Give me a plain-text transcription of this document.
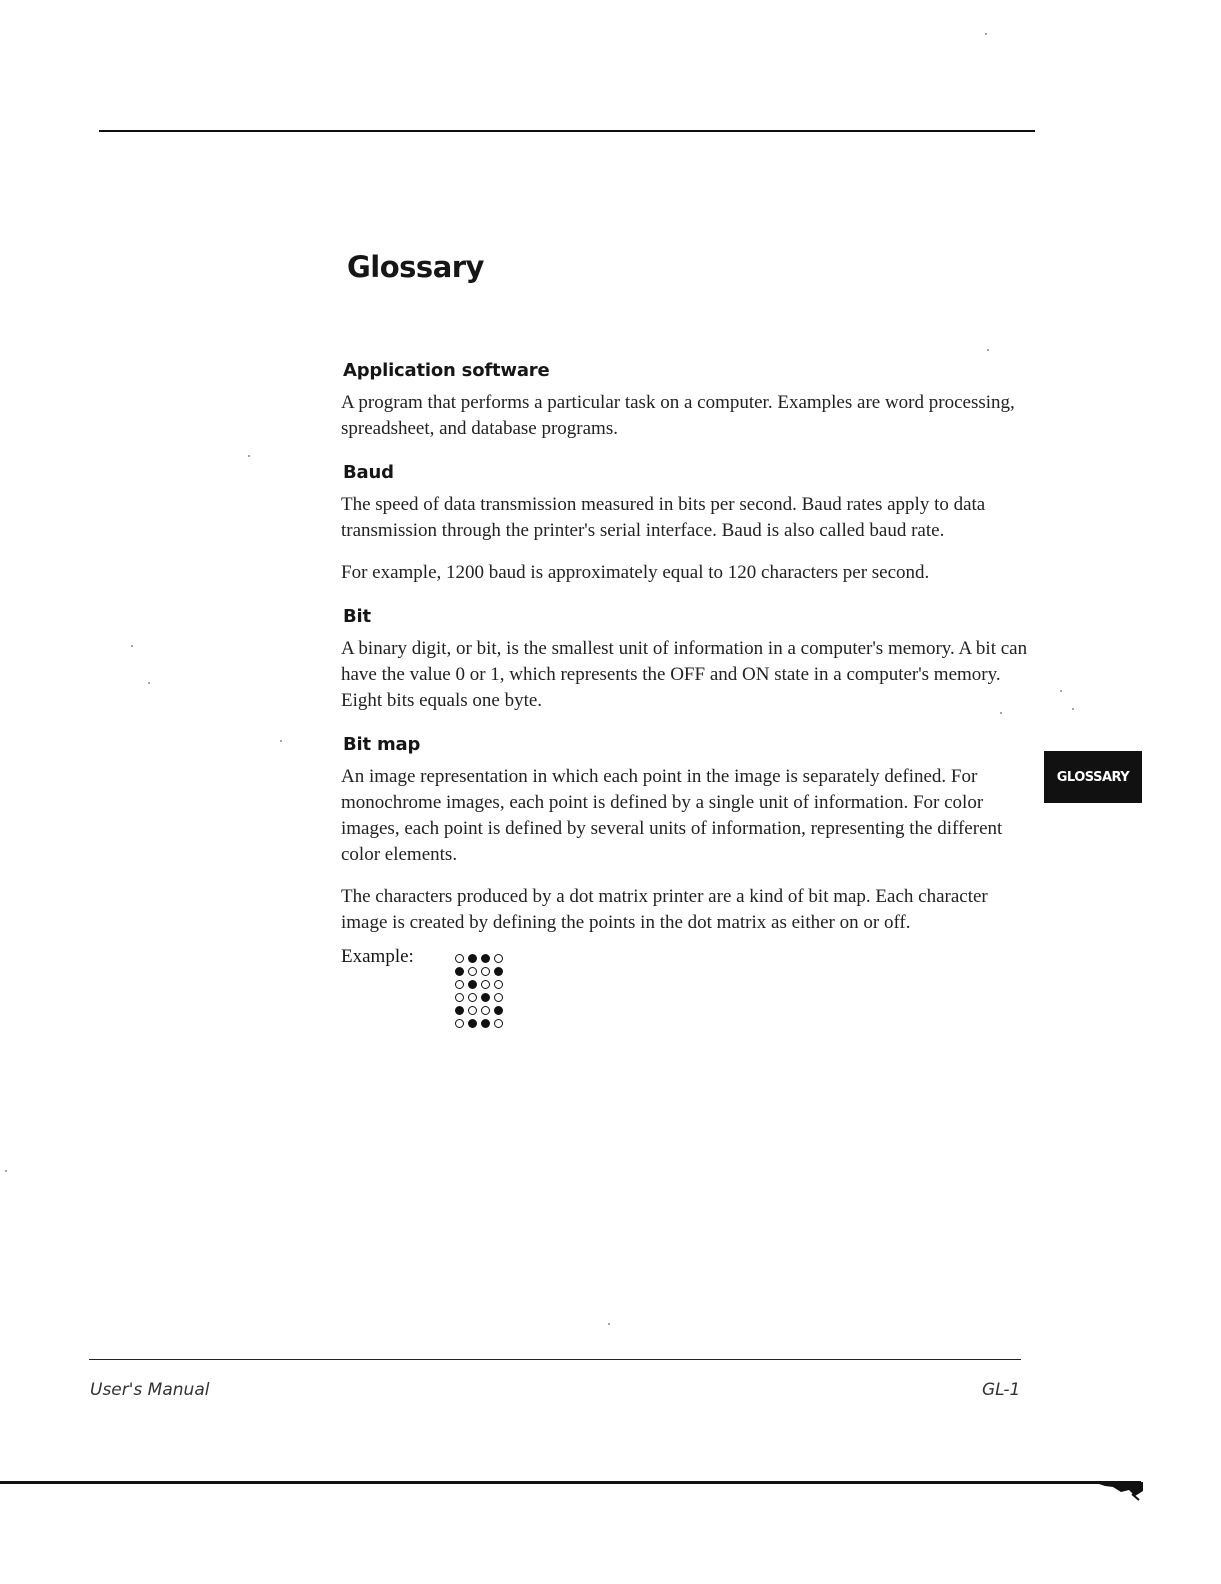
Glossary
Application software

A program that performs a particular task on a computer. Examples are word processing, spreadsheet, and database programs.

Baud

The speed of data transmission measured in bits per second. Baud rates apply to data transmission through the printer's serial interface. Baud is also called baud rate.

For example, 1200 baud is approximately equal to 120 characters per second.

Bit

A binary digit, or bit, is the smallest unit of information in a computer's memory. A bit can have the value 0 or 1, which represents the OFF and ON state in a computer's memory. Eight bits equals one byte.

Bit map

An image representation in which each point in the image is separately defined. For monochrome images, each point is defined by a single unit of information. For color images, each point is defined by several units of information, representing the different color elements.

The characters produced by a dot matrix printer are a kind of bit map. Each character image is created by defining the points in the dot matrix as either on or off.

Example:
GLOSSARY
User's Manual	GL-1
